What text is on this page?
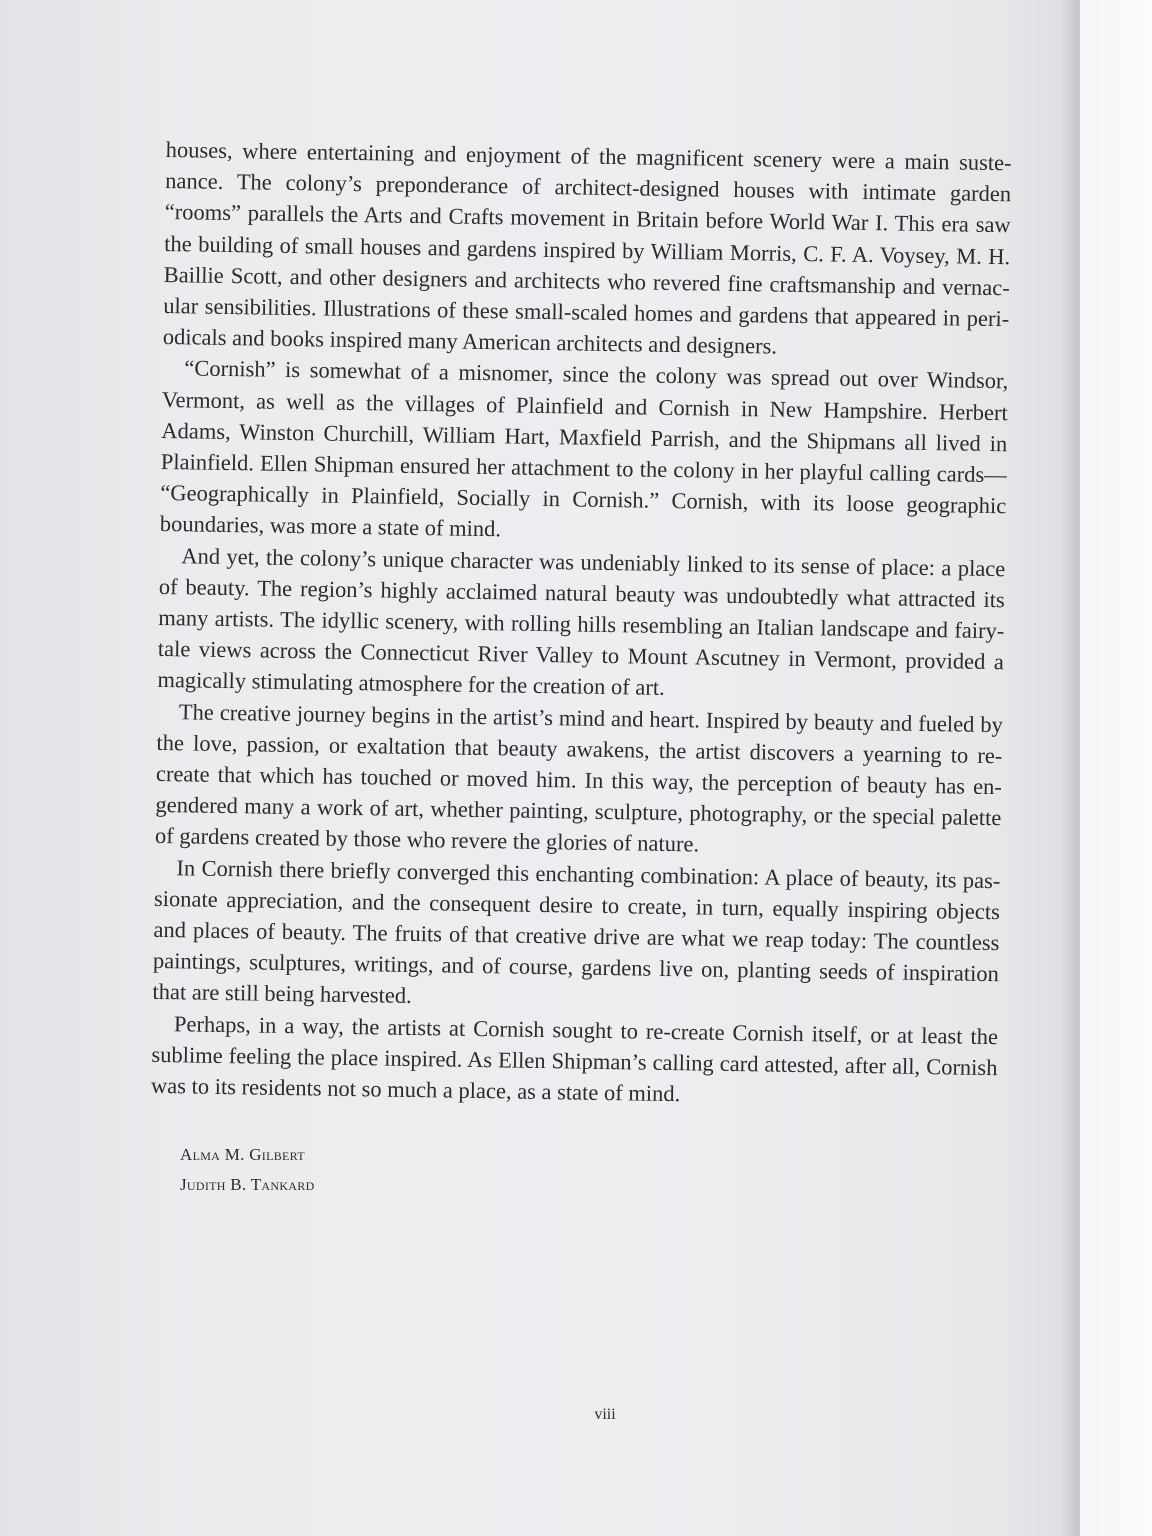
houses, where entertaining and enjoyment of the magnificent scenery were a main suste- nance. The colony’s preponderance of architect-designed houses with intimate garden “rooms” parallels the Arts and Crafts movement in Britain before World War I. This era saw the building of small houses and gardens inspired by William Morris, C. F. A. Voysey, M. H. Baillie Scott, and other designers and architects who revered fine craftsmanship and vernac- ular sensibilities. Illustrations of these small-scaled homes and gardens that appeared in peri- odicals and books inspired many American architects and designers.

“Cornish” is somewhat of a misnomer, since the colony was spread out over Windsor, Vermont, as well as the villages of Plainfield and Cornish in New Hampshire. Herbert Adams, Winston Churchill, William Hart, Maxfield Parrish, and the Shipmans all lived in Plainfield. Ellen Shipman ensured her attachment to the colony in her playful calling cards— “Geographically in Plainfield, Socially in Cornish.” Cornish, with its loose geographic boundaries, was more a state of mind.

And yet, the colony’s unique character was undeniably linked to its sense of place: a place of beauty. The region’s highly acclaimed natural beauty was undoubtedly what attracted its many artists. The idyllic scenery, with rolling hills resembling an Italian landscape and fairy- tale views across the Connecticut River Valley to Mount Ascutney in Vermont, provided a magically stimulating atmosphere for the creation of art.

The creative journey begins in the artist’s mind and heart. Inspired by beauty and fueled by the love, passion, or exaltation that beauty awakens, the artist discovers a yearning to re- create that which has touched or moved him. In this way, the perception of beauty has en- gendered many a work of art, whether painting, sculpture, photography, or the special palette of gardens created by those who revere the glories of nature.

In Cornish there briefly converged this enchanting combination: A place of beauty, its pas- sionate appreciation, and the consequent desire to create, in turn, equally inspiring objects and places of beauty. The fruits of that creative drive are what we reap today: The countless paintings, sculptures, writings, and of course, gardens live on, planting seeds of inspiration that are still being harvested.

Perhaps, in a way, the artists at Cornish sought to re-create Cornish itself, or at least the sublime feeling the place inspired. As Ellen Shipman’s calling card attested, after all, Cornish was to its residents not so much a place, as a state of mind.

Alma M. Gilbert
Judith B. Tankard
viii
